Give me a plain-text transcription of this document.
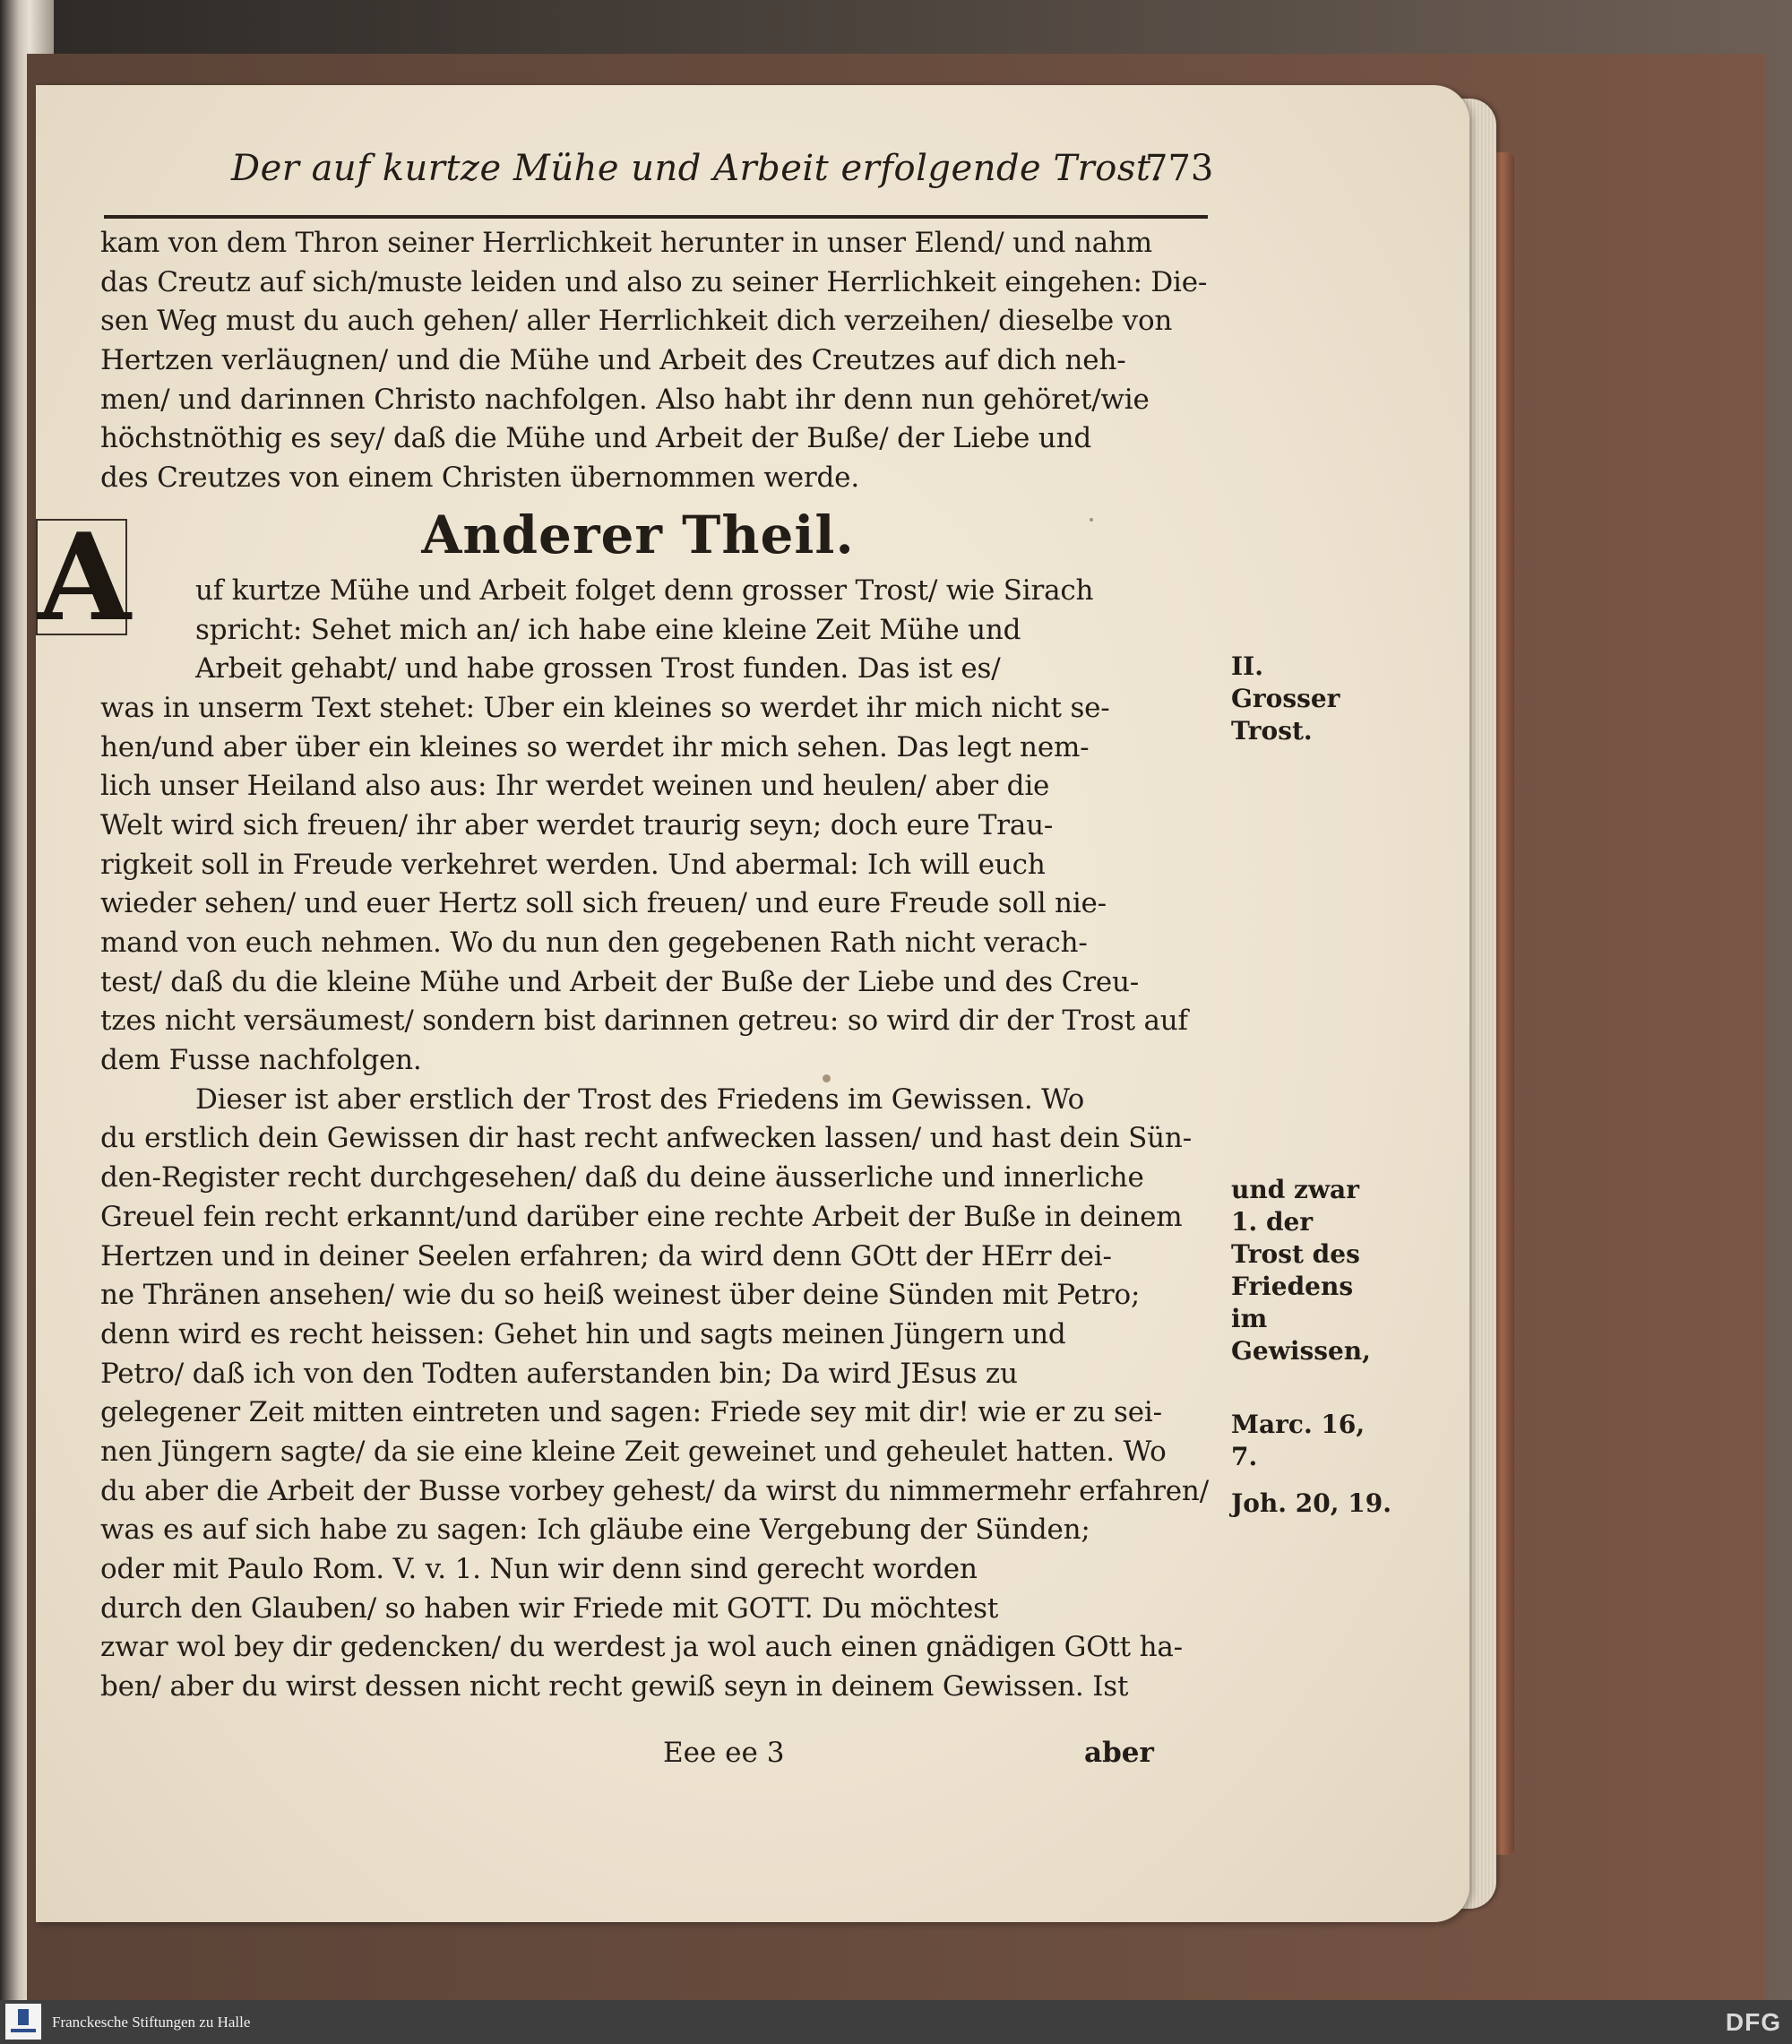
Der auf kurtze Mühe und Arbeit erfolgende Trost.
773
A
kam von dem Thron seiner Herrlichkeit herunter in unser Elend/ und nahm
das Creutz auf sich/muste leiden und also zu seiner Herrlichkeit eingehen: Die-
sen Weg must du auch gehen/ aller Herrlichkeit dich verzeihen/ dieselbe von
Hertzen verläugnen/ und die Mühe und Arbeit des Creutzes auf dich neh-
men/ und darinnen Christo nachfolgen. Also habt ihr denn nun gehöret/wie
höchstnöthig es sey/ daß die Mühe und Arbeit der Buße/ der Liebe und
des Creutzes von einem Christen übernommen werde.
Anderer Theil.
uf kurtze Mühe und Arbeit folget denn grosser Trost/ wie Sirach
spricht: Sehet mich an/ ich habe eine kleine Zeit Mühe und
Arbeit gehabt/ und habe grossen Trost funden. Das ist es/
was in unserm Text stehet: Uber ein kleines so werdet ihr mich nicht se-
hen/und aber über ein kleines so werdet ihr mich sehen. Das legt nem-
lich unser Heiland also aus: Ihr werdet weinen und heulen/ aber die
Welt wird sich freuen/ ihr aber werdet traurig seyn; doch eure Trau-
rigkeit soll in Freude verkehret werden. Und abermal: Ich will euch
wieder sehen/ und euer Hertz soll sich freuen/ und eure Freude soll nie-
mand von euch nehmen. Wo du nun den gegebenen Rath nicht verach-
test/ daß du die kleine Mühe und Arbeit der Buße der Liebe und des Creu-
tzes nicht versäumest/ sondern bist darinnen getreu: so wird dir der Trost auf
dem Fusse nachfolgen.
Dieser ist aber erstlich der Trost des Friedens im Gewissen. Wo
du erstlich dein Gewissen dir hast recht anfwecken lassen/ und hast dein Sün-
den-Register recht durchgesehen/ daß du deine äusserliche und innerliche
Greuel fein recht erkannt/und darüber eine rechte Arbeit der Buße in deinem
Hertzen und in deiner Seelen erfahren; da wird denn GOtt der HErr dei-
ne Thränen ansehen/ wie du so heiß weinest über deine Sünden mit Petro;
denn wird es recht heissen: Gehet hin und sagts meinen Jüngern und
Petro/ daß ich von den Todten auferstanden bin; Da wird JEsus zu
gelegener Zeit mitten eintreten und sagen: Friede sey mit dir! wie er zu sei-
nen Jüngern sagte/ da sie eine kleine Zeit geweinet und geheulet hatten. Wo
du aber die Arbeit der Busse vorbey gehest/ da wirst du nimmermehr erfahren/
was es auf sich habe zu sagen: Ich gläube eine Vergebung der Sünden;
oder mit Paulo Rom. V. v. 1. Nun wir denn sind gerecht worden
durch den Glauben/ so haben wir Friede mit GOTT. Du möchtest
zwar wol bey dir gedencken/ du werdest ja wol auch einen gnädigen GOtt ha-
ben/ aber du wirst dessen nicht recht gewiß seyn in deinem Gewissen. Ist
II. Grosser Trost.
und zwar 1. der Trost des Friedens im Gewissen,
Marc. 16, 7.
Joh. 20, 19.
Eee ee 3	aber
Franckesche Stiftungen zu Halle	DFG
